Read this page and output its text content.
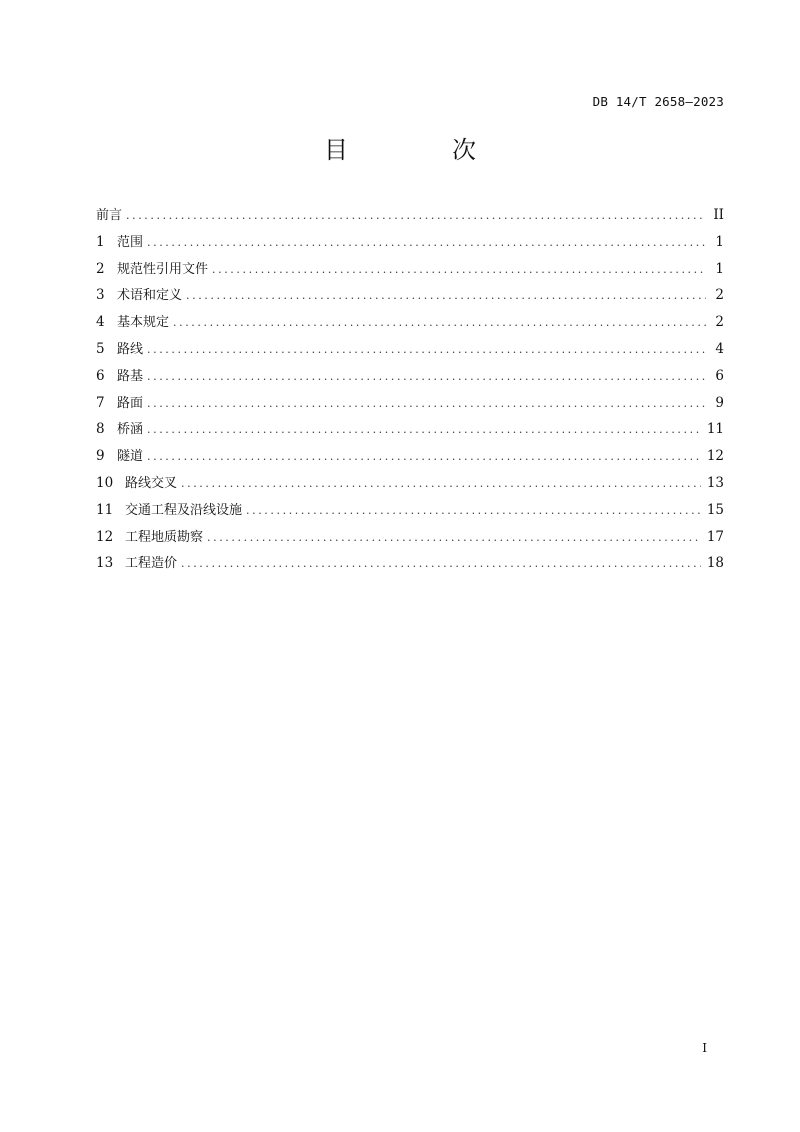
DB 14/T 2658—2023
目　次
前言 .....	II
1 范围 .....	1
2 规范性引用文件 .....	1
3 术语和定义 .....	2
4 基本规定 .....	2
5 路线 .....	4
6 路基 .....	6
7 路面 .....	9
8 桥涵 .....	11
9 隧道 .....	12
10 路线交叉 .....	13
11 交通工程及沿线设施 .....	15
12 工程地质勘察 .....	17
13 工程造价 .....	18
I
